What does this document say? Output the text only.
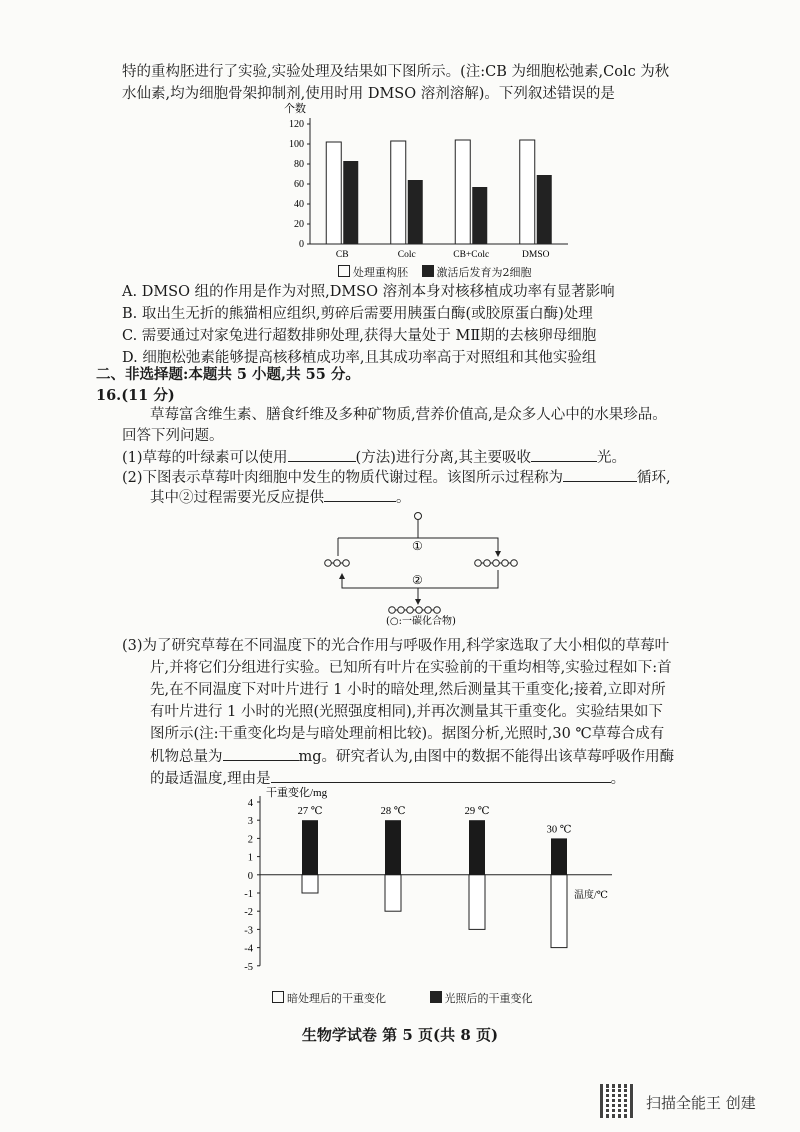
特的重构胚进行了实验,实验处理及结果如下图所示。(注:CB 为细胞松弛素,Colc 为秋
水仙素,均为细胞骨架抑制剂,使用时用 DMSO 溶剂溶解)。下列叙述错误的是
个数
0
20
40
60
80
100
120
CB	Colc	CB+Colc	DMSO
处理重构胚	激活后发育为2细胞
A. DMSO 组的作用是作为对照,DMSO 溶剂本身对核移植成功率有显著影响
B. 取出生无折的熊猫相应组织,剪碎后需要用胰蛋白酶(或胶原蛋白酶)处理
C. 需要通过对家兔进行超数排卵处理,获得大量处于 MⅡ期的去核卵母细胞
D. 细胞松弛素能够提高核移植成功率,且其成功率高于对照组和其他实验组
二、非选择题:本题共 5 小题,共 55 分。
16.(11 分)
草莓富含维生素、膳食纤维及多种矿物质,营养价值高,是众多人心中的水果珍品。
回答下列问题。
(1)草莓的叶绿素可以使用	(方法)进行分离,其主要吸收	光。
(2)下图表示草莓叶肉细胞中发生的物质代谢过程。该图所示过程称为	循环,
其中②过程需要光反应提供	。
①
②
(○:一碳化合物)
(3)为了研究草莓在不同温度下的光合作用与呼吸作用,科学家选取了大小相似的草莓叶
片,并将它们分组进行实验。已知所有叶片在实验前的干重均相等,实验过程如下:首
先,在不同温度下对叶片进行 1 小时的暗处理,然后测量其干重变化;接着,立即对所
有叶片进行 1 小时的光照(光照强度相同),并再次测量其干重变化。实验结果如下
图所示(注:干重变化均是与暗处理前相比较)。据图分析,光照时,30 ℃草莓合成有
机物总量为	mg。研究者认为,由图中的数据不能得出该草莓呼吸作用酶
的最适温度,理由是	。
干重变化/mg
温度/℃
4
3
2
1
0
-1
-2
-3
-4
-5
27 ℃	28 ℃	29 ℃
30 ℃
暗处理后的干重变化	光照后的干重变化
生物学试卷 第 5 页(共 8 页)
扫描全能王 创建
